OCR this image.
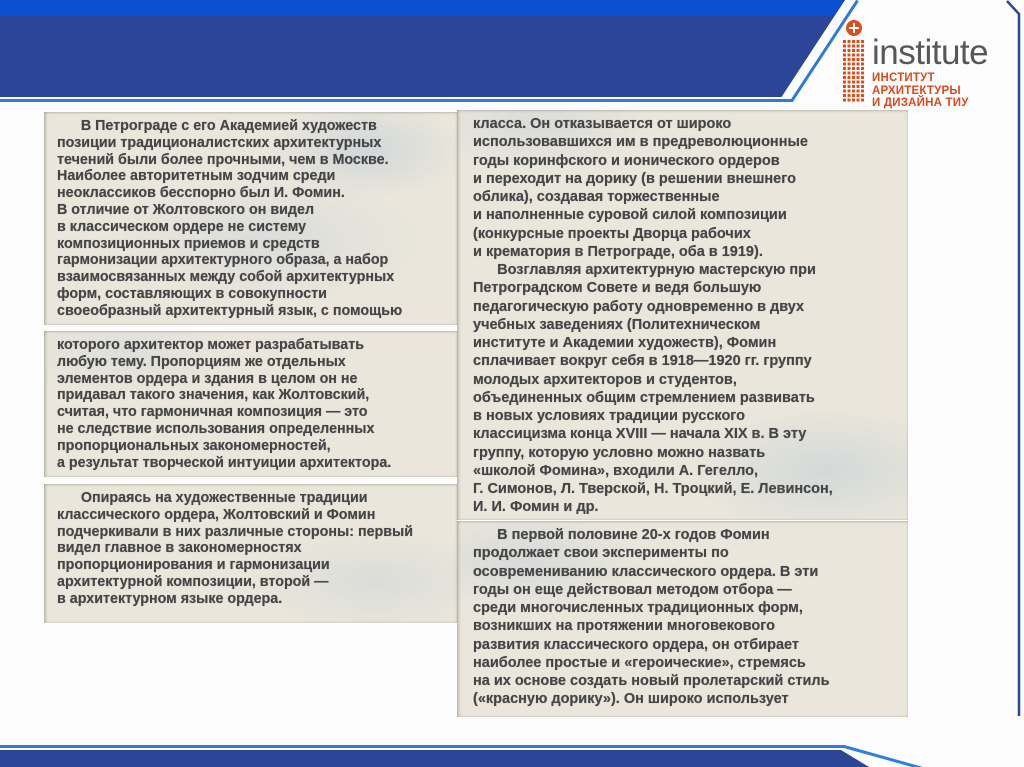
institute
ИНСТИТУТ АРХИТЕКТУРЫ
И ДИЗАЙНА ТИУ
В Петрограде с его Академией художеств
позиции традиционалистских архитектурных
течений были более прочными, чем в Москве.
Наиболее авторитетным зодчим среди
неоклассиков бесспорно был И. Фомин.
В отличие от Жолтовского он видел
в классическом ордере не систему
композиционных приемов и средств
гармонизации архитектурного образа, а набор
взаимосвязанных между собой архитектурных
форм, составляющих в совокупности
своеобразный архитектурный язык, с помощью
которого архитектор может разрабатывать
любую тему. Пропорциям же отдельных
элементов ордера и здания в целом он не
придавал такого значения, как Жолтовский,
считая, что гармоничная композиция — это
не следствие использования определенных
пропорциональных закономерностей,
а результат творческой интуиции архитектора.
Опираясь на художественные традиции
классического ордера, Жолтовский и Фомин
подчеркивали в них различные стороны: первый
видел главное в закономерностях
пропорционирования и гармонизации
архитектурной композиции, второй —
в архитектурном языке ордера.
класса. Он отказывается от широко
использовавшихся им в предреволюционные
годы коринфского и ионического ордеров
и переходит на дорику (в решении внешнего
облика), создавая торжественные
и наполненные суровой силой композиции
(конкурсные проекты Дворца рабочих
и крематория в Петрограде, оба в 1919).
Возглавляя архитектурную мастерскую при
Петроградском Совете и ведя большую
педагогическую работу одновременно в двух
учебных заведениях (Политехническом
институте и Академии художеств), Фомин
сплачивает вокруг себя в 1918—1920 гг. группу
молодых архитекторов и студентов,
объединенных общим стремлением развивать
в новых условиях традиции русского
классицизма конца XVIII — начала XIX в. В эту
группу, которую условно можно назвать
«школой Фомина», входили А. Гегелло,
Г. Симонов, Л. Тверской, Н. Троцкий, Е. Левинсон,
И. И. Фомин и др.
В первой половине 20-х годов Фомин
продолжает свои эксперименты по
осовремениванию классического ордера. В эти
годы он еще действовал методом отбора —
среди многочисленных традиционных форм,
возникших на протяжении многовекового
развития классического ордера, он отбирает
наиболее простые и «героические», стремясь
на их основе создать новый пролетарский стиль
(«красную дорику»). Он широко использует
